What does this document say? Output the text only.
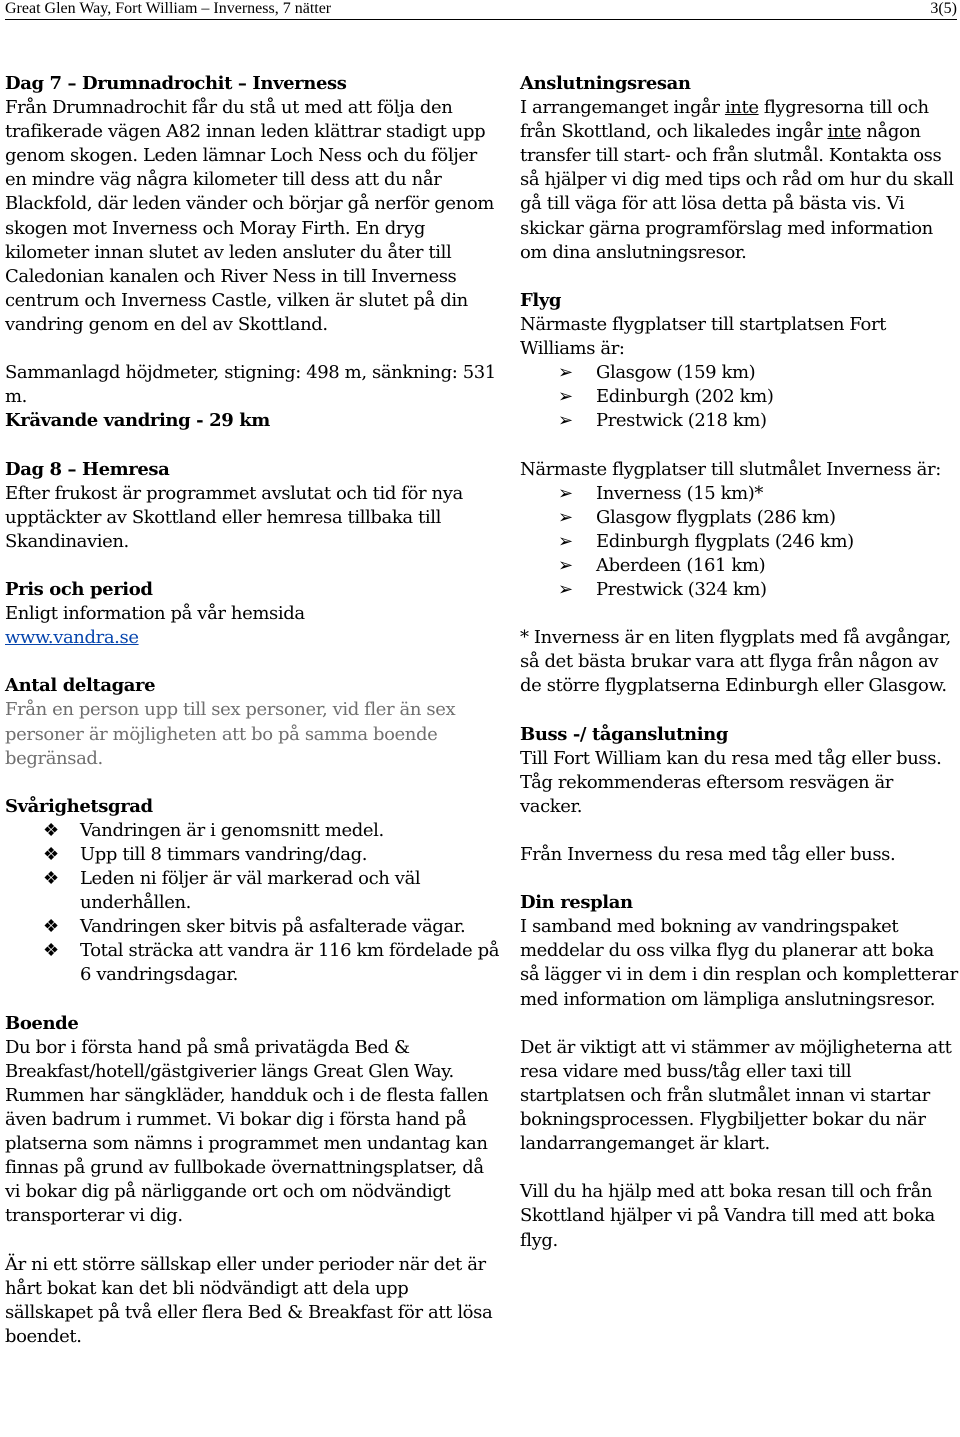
Great Glen Way, Fort William – Inverness, 7 nätter	3(5)

Dag 7 – Drumnadrochit – Inverness

Från Drumnadrochit får du stå ut med att följa den trafikerade vägen A82 innan leden klättrar stadigt upp genom skogen. Leden lämnar Loch Ness och du följer en mindre väg några kilometer till dess att du når Blackfold, där leden vänder och börjar gå nerför genom skogen mot Inverness och Moray Firth. En dryg kilometer innan slutet av leden ansluter du åter till Caledonian kanalen och River Ness in till Inverness centrum och Inverness Castle, vilken är slutet på din vandring genom en del av Skottland.

Sammanlagd höjdmeter, stigning: 498 m, sänkning: 531 m.

Krävande vandring - 29 km

Dag 8 – Hemresa

Efter frukost är programmet avslutat och tid för nya upptäckter av Skottland eller hemresa tillbaka till Skandinavien.

Pris och period

Enligt information på vår hemsida

www.vandra.se

Antal deltagare

Från en person upp till sex personer, vid fler än sex personer är möjligheten att bo på samma boende begränsad.

Svårighetsgrad

❖ Vandringen är i genomsnitt medel.
❖ Upp till 8 timmars vandring/dag.
❖ Leden ni följer är väl markerad och väl underhållen.
❖ Vandringen sker bitvis på asfalterade vägar.
❖ Total sträcka att vandra är 116 km fördelade på 6 vandringsdagar.

Boende

Du bor i första hand på små privatägda Bed & Breakfast/hotell/gästgiverier längs Great Glen Way. Rummen har sängkläder, handduk och i de flesta fallen även badrum i rummet. Vi bokar dig i första hand på platserna som nämns i programmet men undantag kan finnas på grund av fullbokade övernattningsplatser, då vi bokar dig på närliggande ort och om nödvändigt transporterar vi dig.

Är ni ett större sällskap eller under perioder när det är hårt bokat kan det bli nödvändigt att dela upp sällskapet på två eller flera Bed & Breakfast för att lösa boendet.

Anslutningsresan

I arrangemanget ingår inte flygresorna till och från Skottland, och likaledes ingår inte någon transfer till start- och från slutmål. Kontakta oss så hjälper vi dig med tips och råd om hur du skall gå till väga för att lösa detta på bästa vis. Vi skickar gärna programförslag med information om dina anslutningsresor.

Flyg

Närmaste flygplatser till startplatsen Fort Williams är:

➢ Glasgow (159 km)
➢ Edinburgh (202 km)
➢ Prestwick (218 km)

Närmaste flygplatser till slutmålet Inverness är:

➢ Inverness (15 km)*
➢ Glasgow flygplats (286 km)
➢ Edinburgh flygplats (246 km)
➢ Aberdeen (161 km)
➢ Prestwick (324 km)

* Inverness är en liten flygplats med få avgångar, så det bästa brukar vara att flyga från någon av de större flygplatserna Edinburgh eller Glasgow.

Buss -/ tåganslutning

Till Fort William kan du resa med tåg eller buss. Tåg rekommenderas eftersom resvägen är vacker.

Från Inverness du resa med tåg eller buss.

Din resplan

I samband med bokning av vandringspaket meddelar du oss vilka flyg du planerar att boka så lägger vi in dem i din resplan och kompletterar med information om lämpliga anslutningsresor.

Det är viktigt att vi stämmer av möjligheterna att resa vidare med buss/tåg eller taxi till startplatsen och från slutmålet innan vi startar bokningsprocessen. Flygbiljetter bokar du när landarrangemanget är klart.

Vill du ha hjälp med att boka resan till och från Skottland hjälper vi på Vandra till med att boka flyg.
